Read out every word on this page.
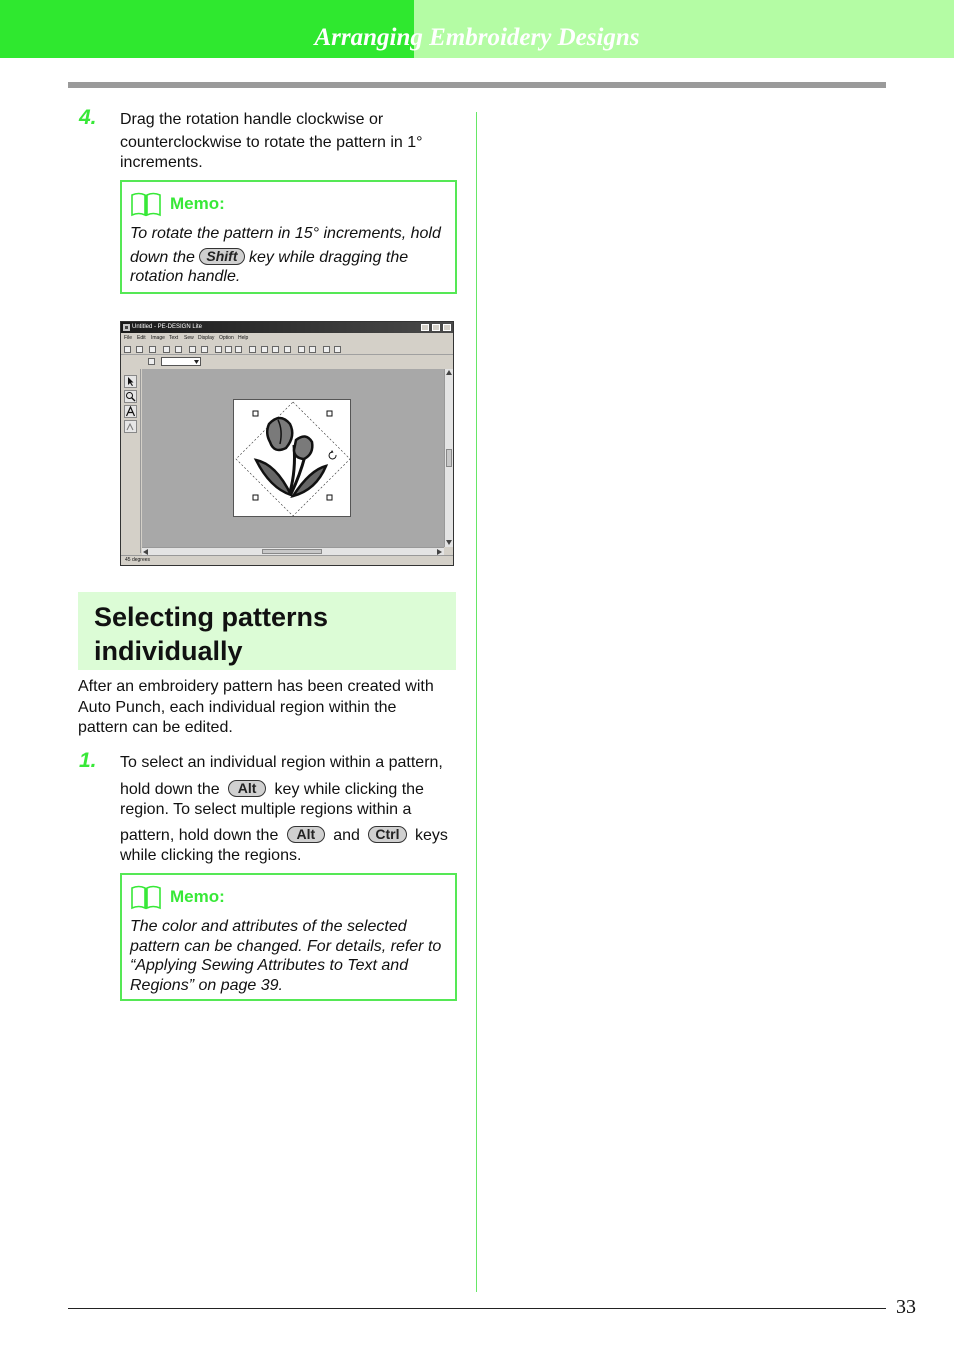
Arranging Embroidery Designs
4. Drag the rotation handle clockwise or
counterclockwise to rotate the pattern in 1°
increments.
Memo:
To rotate the pattern in 15° increments, hold
down the Shift key while dragging the
rotation handle.
Untitled - PE-DESIGN Lite
File Edit Image Text Sew Display Option Help
45 degrees
Selecting patterns
individually
After an embroidery pattern has been created with
Auto Punch, each individual region within the
pattern can be edited.
1. To select an individual region within a pattern,
hold down the Alt key while clicking the
region. To select multiple regions within a
pattern, hold down the Alt and Ctrl keys
while clicking the regions.
Memo:
The color and attributes of the selected
pattern can be changed. For details, refer to
“Applying Sewing Attributes to Text and
Regions” on page 39.
33
